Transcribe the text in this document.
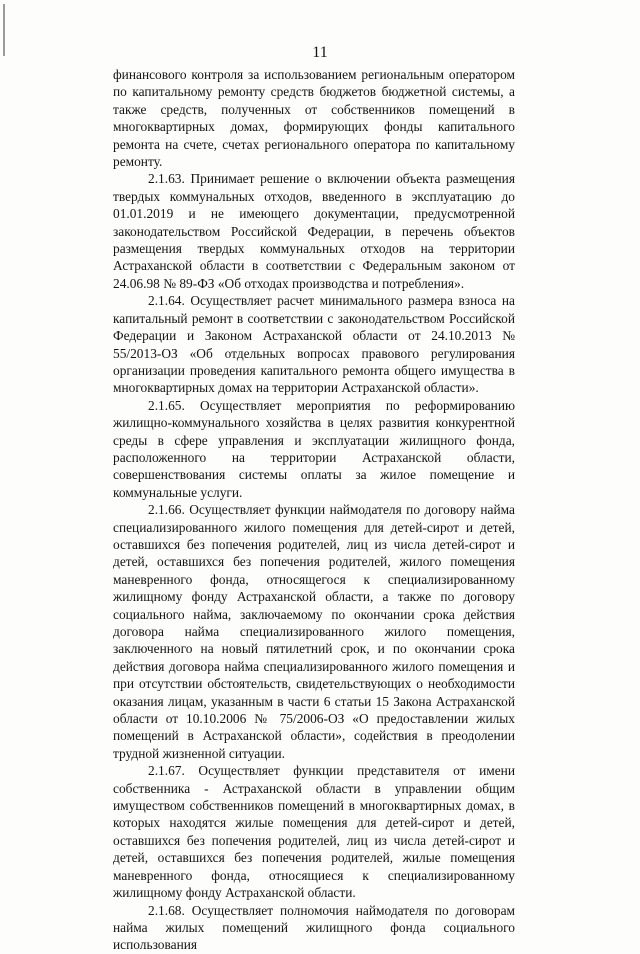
11

финансового контроля за использованием региональным оператором по капитальному ремонту средств бюджетов бюджетной системы, а также средств, полученных от собственников помещений в многоквартирных домах, формирующих фонды капитального ремонта на счете, счетах регионального оператора по капитальному ремонту.

2.1.63. Принимает решение о включении объекта размещения твердых коммунальных отходов, введенного в эксплуатацию до 01.01.2019 и не имеющего документации, предусмотренной законодательством Российской Федерации, в перечень объектов размещения твердых коммунальных отходов на территории Астраханской области в соответствии с Федеральным законом от 24.06.98 № 89-ФЗ «Об отходах производства и потребления».

2.1.64. Осуществляет расчет минимального размера взноса на капитальный ремонт в соответствии с законодательством Российской Федерации и Законом Астраханской области от 24.10.2013 № 55/2013-ОЗ «Об отдельных вопросах правового регулирования организации проведения капитального ремонта общего имущества в многоквартирных домах на территории Астраханской области».

2.1.65. Осуществляет мероприятия по реформированию жилищно-коммунального хозяйства в целях развития конкурентной среды в сфере управления и эксплуатации жилищного фонда, расположенного на территории Астраханской области, совершенствования системы оплаты за жилое помещение и коммунальные услуги.

2.1.66. Осуществляет функции наймодателя по договору найма специализированного жилого помещения для детей-сирот и детей, оставшихся без попечения родителей, лиц из числа детей-сирот и детей, оставшихся без попечения родителей, жилого помещения маневренного фонда, относящегося к специализированному жилищному фонду Астраханской области, а также по договору социального найма, заключаемому по окончании срока действия договора найма специализированного жилого помещения, заключенного на новый пятилетний срок, и по окончании срока действия договора найма специализированного жилого помещения и при отсутствии обстоятельств, свидетельствующих о необходимости оказания лицам, указанным в части 6 статьи 15 Закона Астраханской области от 10.10.2006 № 75/2006-ОЗ «О предоставлении жилых помещений в Астраханской области», содействия в преодолении трудной жизненной ситуации.

2.1.67. Осуществляет функции представителя от имени собственника - Астраханской области в управлении общим имуществом собственников помещений в многоквартирных домах, в которых находятся жилые помещения для детей-сирот и детей, оставшихся без попечения родителей, лиц из числа детей-сирот и детей, оставшихся без попечения родителей, жилые помещения маневренного фонда, относящиеся к специализированному жилищному фонду Астраханской области.

2.1.68. Осуществляет полномочия наймодателя по договорам найма жилых помещений жилищного фонда социального использования
